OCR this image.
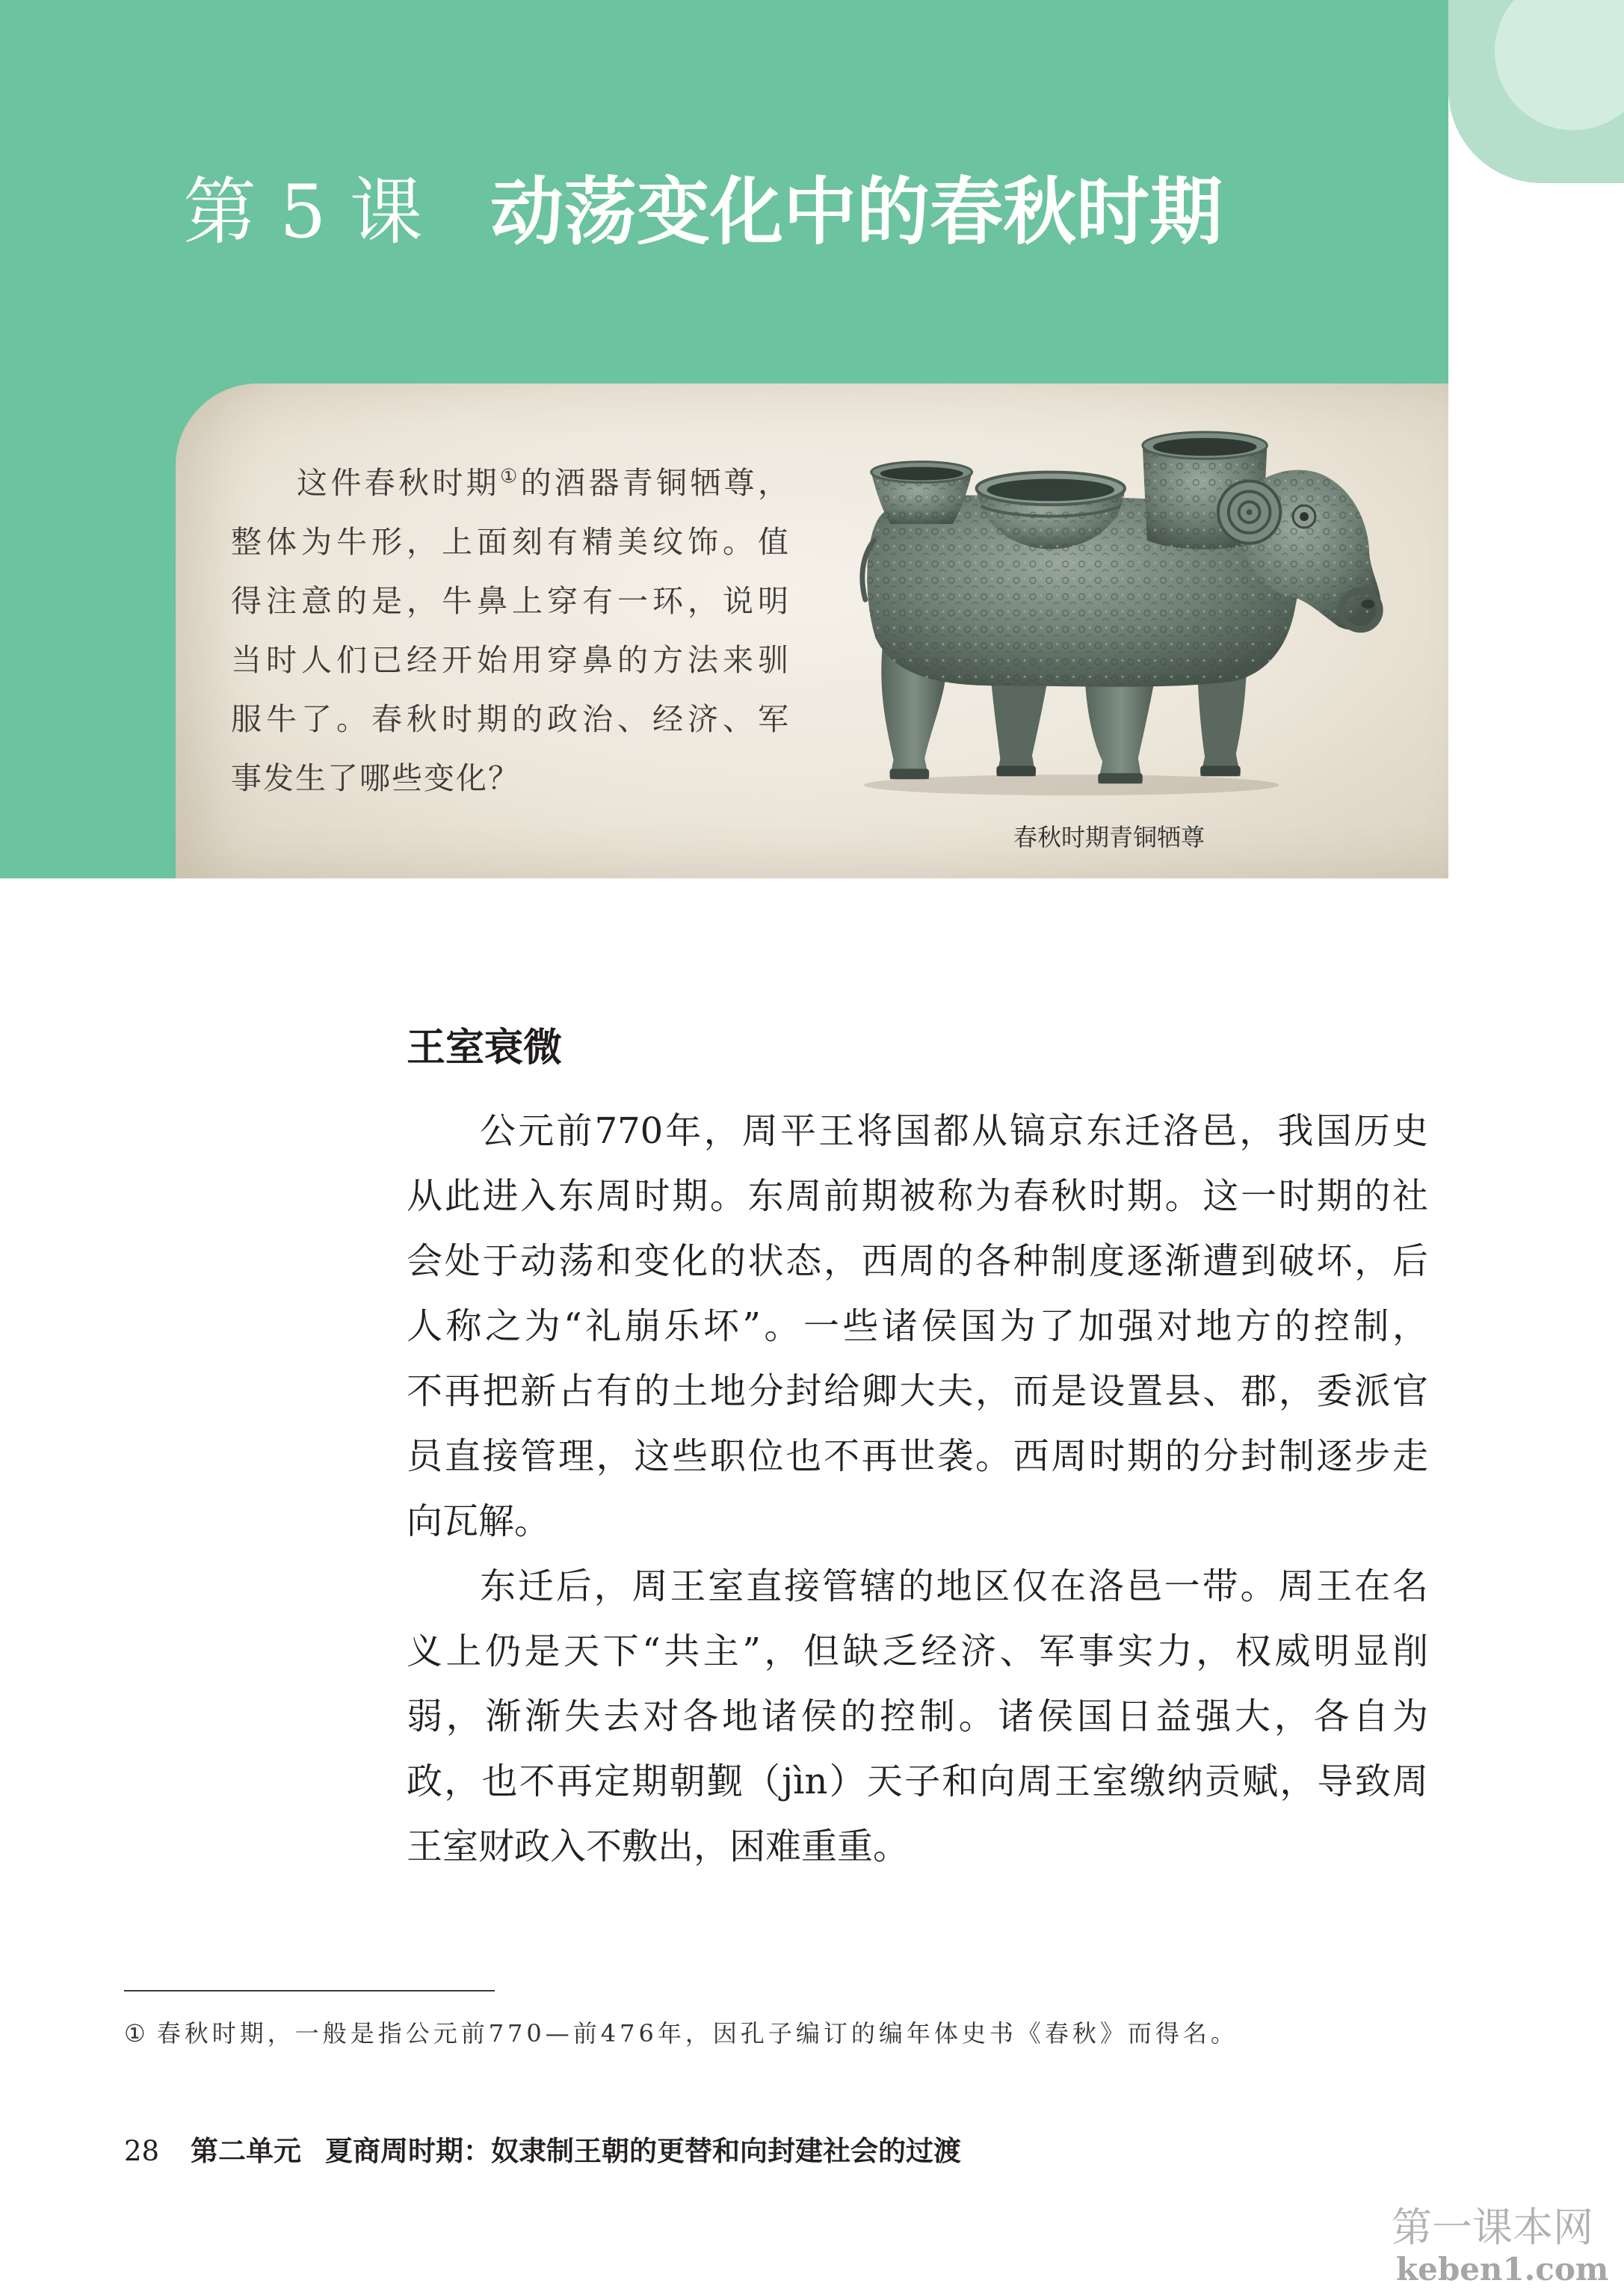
第 5 课 动荡变化中的春秋时期
这件春秋时期①的酒器青铜牺尊，
整体为牛形，上面刻有精美纹饰。值
得注意的是，牛鼻上穿有一环，说明
当时人们已经开始用穿鼻的方法来驯
服牛了。春秋时期的政治、经济、军
事发生了哪些变化？
春秋时期青铜牺尊
王室衰微
公元前770年，周平王将国都从镐京东迁洛邑，我国历史
从此进入东周时期。东周前期被称为春秋时期。这一时期的社
会处于动荡和变化的状态，西周的各种制度逐渐遭到破坏，后
人称之为“礼崩乐坏”。一些诸侯国为了加强对地方的控制，
不再把新占有的土地分封给卿大夫，而是设置县、郡，委派官
员直接管理，这些职位也不再世袭。西周时期的分封制逐步走
向瓦解。
东迁后，周王室直接管辖的地区仅在洛邑一带。周王在名
义上仍是天下“共主”，但缺乏经济、军事实力，权威明显削
弱，渐渐失去对各地诸侯的控制。诸侯国日益强大，各自为
政，也不再定期朝觐（jìn）天子和向周王室缴纳贡赋，导致周
王室财政入不敷出，困难重重。
① 春秋时期，一般是指公元前770—前476年，因孔子编订的编年体史书《春秋》而得名。
28 第二单元 夏商周时期：奴隶制王朝的更替和向封建社会的过渡
第一课本网
keben1.com
